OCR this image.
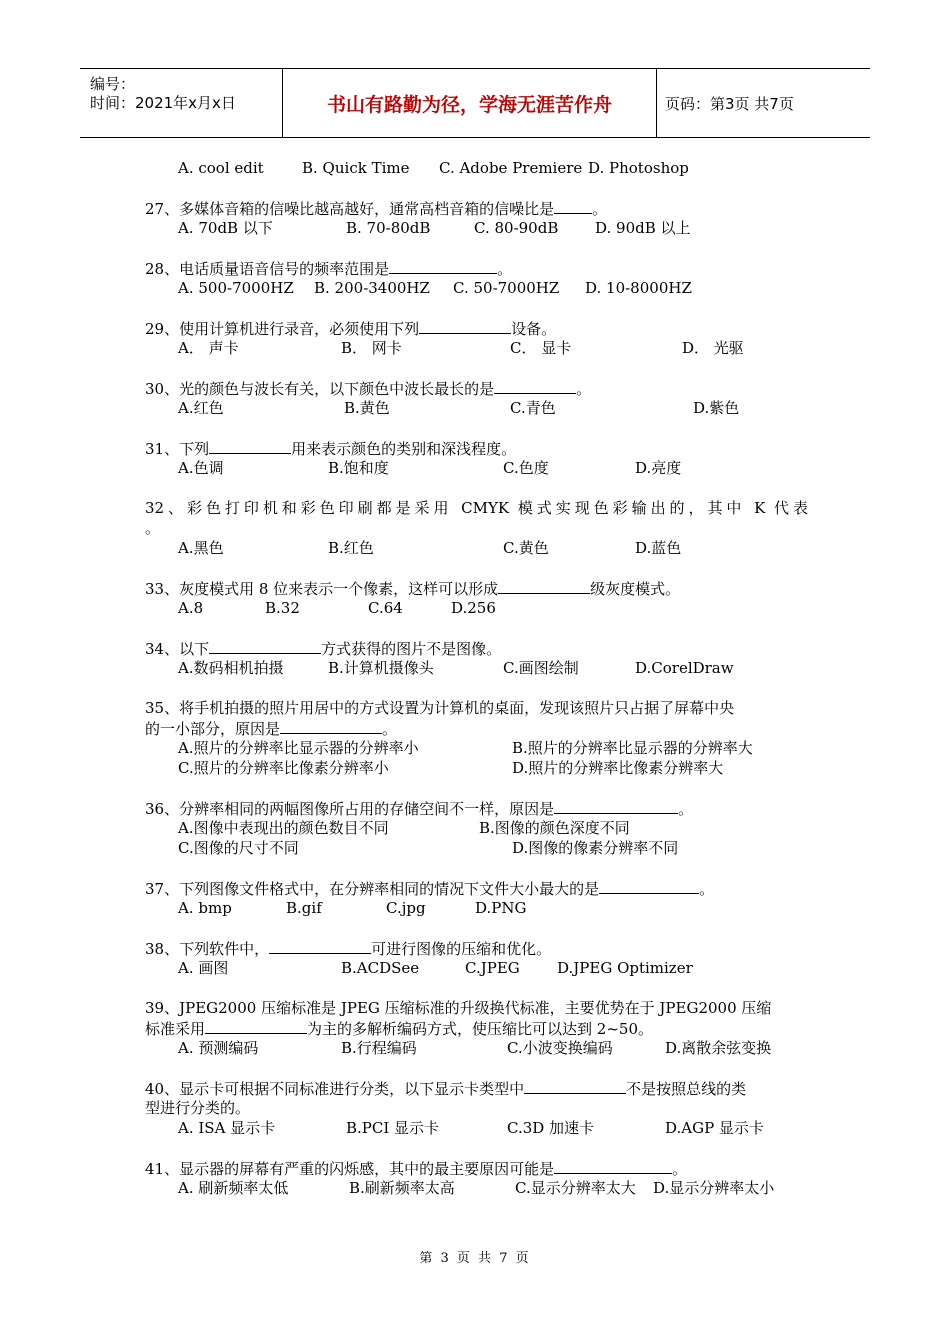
编号：
时间：2021年x月x日	书山有路勤为径，学海无涯苦作舟	页码：第3页 共7页
A. cool edit	B. Quick Time C. Adobe Premiere D. Photoshop
27、多媒体音箱的信噪比越高越好，通常高档音箱的信噪比是	。
A. 70dB 以下	B. 70-80dB	C. 80-90dB D. 90dB 以上
28、电话质量语音信号的频率范围是	。
A. 500-7000HZ B. 200-3400HZ C. 50-7000HZ D. 10-8000HZ
29、使用计算机进行录音，必须使用下列	设备。
A． 声卡	B． 网卡	C． 显卡	D． 光驱
30、光的颜色与波长有关，以下颜色中波长最长的是	。
A.红色	B.黄色	C.青色	D.紫色
31、下列	用来表示颜色的类别和深浅程度。
A.色调	B.饱和度	C.色度	D.亮度
32、彩色打印机和彩色印刷都是采用 CMYK 模式实现色彩输出的，其中 K 代表
。
A.黑色	B.红色	C.黄色	D.蓝色
33、灰度模式用 8 位来表示一个像素，这样可以形成	级灰度模式。
A.8	B.32	C.64	D.256
34、以下	方式获得的图片不是图像。
A.数码相机拍摄	B.计算机摄像头	C.画图绘制	D.CorelDraw
35、将手机拍摄的照片用居中的方式设置为计算机的桌面，发现该照片只占据了屏幕中央
的一小部分，原因是	。
A.照片的分辨率比显示器的分辨率小	B.照片的分辨率比显示器的分辨率大
C.照片的分辨率比像素分辨率小	D.照片的分辨率比像素分辨率大
36、分辨率相同的两幅图像所占用的存储空间不一样，原因是	。
A.图像中表现出的颜色数目不同	B.图像的颜色深度不同
C.图像的尺寸不同	D.图像的像素分辨率不同
37、下列图像文件格式中，在分辨率相同的情况下文件大小最大的是	。
A. bmp	B.gif	C.jpg	D.PNG
38、下列软件中，	可进行图像的压缩和优化。
A. 画图	B.ACDSee	C.JPEG D.JPEG Optimizer
39、JPEG2000 压缩标准是 JPEG 压缩标准的升级换代标准，主要优势在于 JPEG2000 压缩
标准采用	为主的多解析编码方式，使压缩比可以达到 2~50。
A. 预测编码	B.行程编码	C.小波变换编码	D.离散余弦变换
40、显示卡可根据不同标准进行分类，以下显示卡类型中	不是按照总线的类
型进行分类的。
A. ISA 显示卡	B.PCI 显示卡	C.3D 加速卡	D.AGP 显示卡
41、显示器的屏幕有严重的闪烁感，其中的最主要原因可能是	。
A. 刷新频率太低	B.刷新频率太高	C.显示分辨率太大 D.显示分辨率太小
第 3 页 共 7 页
